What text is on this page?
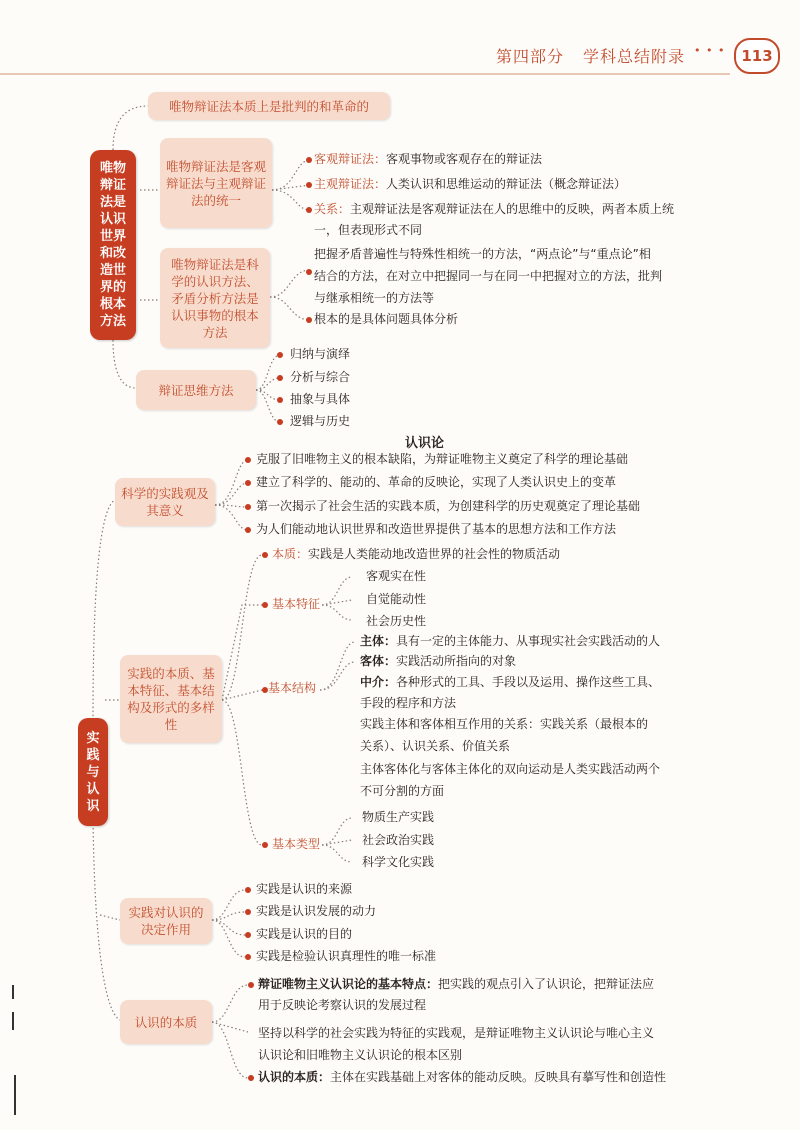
第四部分 学科总结附录 • • •	113
唯物辩证法是认识世界和改造世界的根本方法
唯物辩证法本质上是批判的和革命的
唯物辩证法是客观辩证法与主观辩证法的统一
客观辩证法：客观事物或客观存在的辩证法
主观辩证法：人类认识和思维运动的辩证法（概念辩证法）
关系：主观辩证法是客观辩证法在人的思维中的反映，两者本质上统
一，但表现形式不同
唯物辩证法是科学的认识方法、矛盾分析方法是认识事物的根本方法
把握矛盾普遍性与特殊性相统一的方法，“两点论”与“重点论”相
结合的方法，在对立中把握同一与在同一中把握对立的方法，批判
与继承相统一的方法等
根本的是具体问题具体分析
辩证思维方法
归纳与演绎
分析与综合
抽象与具体
逻辑与历史
认识论
实践与认识
科学的实践观及其意义
克服了旧唯物主义的根本缺陷，为辩证唯物主义奠定了科学的理论基础
建立了科学的、能动的、革命的反映论，实现了人类认识史上的变革
第一次揭示了社会生活的实践本质，为创建科学的历史观奠定了理论基础
为人们能动地认识世界和改造世界提供了基本的思想方法和工作方法
实践的本质、基本特征、基本结构及形式的多样性
本质：实践是人类能动地改造世界的社会性的物质活动
基本特征
客观实在性
自觉能动性
社会历史性
基本结构
主体：具有一定的主体能力、从事现实社会实践活动的人
客体：实践活动所指向的对象
中介：各种形式的工具、手段以及运用、操作这些工具、
手段的程序和方法
实践主体和客体相互作用的关系：实践关系（最根本的
关系）、认识关系、价值关系
主体客体化与客体主体化的双向运动是人类实践活动两个
不可分割的方面
基本类型
物质生产实践
社会政治实践
科学文化实践
实践对认识的决定作用
实践是认识的来源
实践是认识发展的动力
实践是认识的目的
实践是检验认识真理性的唯一标准
认识的本质
辩证唯物主义认识论的基本特点：把实践的观点引入了认识论，把辩证法应
用于反映论考察认识的发展过程
坚持以科学的社会实践为特征的实践观，是辩证唯物主义认识论与唯心主义
认识论和旧唯物主义认识论的根本区别
认识的本质：主体在实践基础上对客体的能动反映。反映具有摹写性和创造性
